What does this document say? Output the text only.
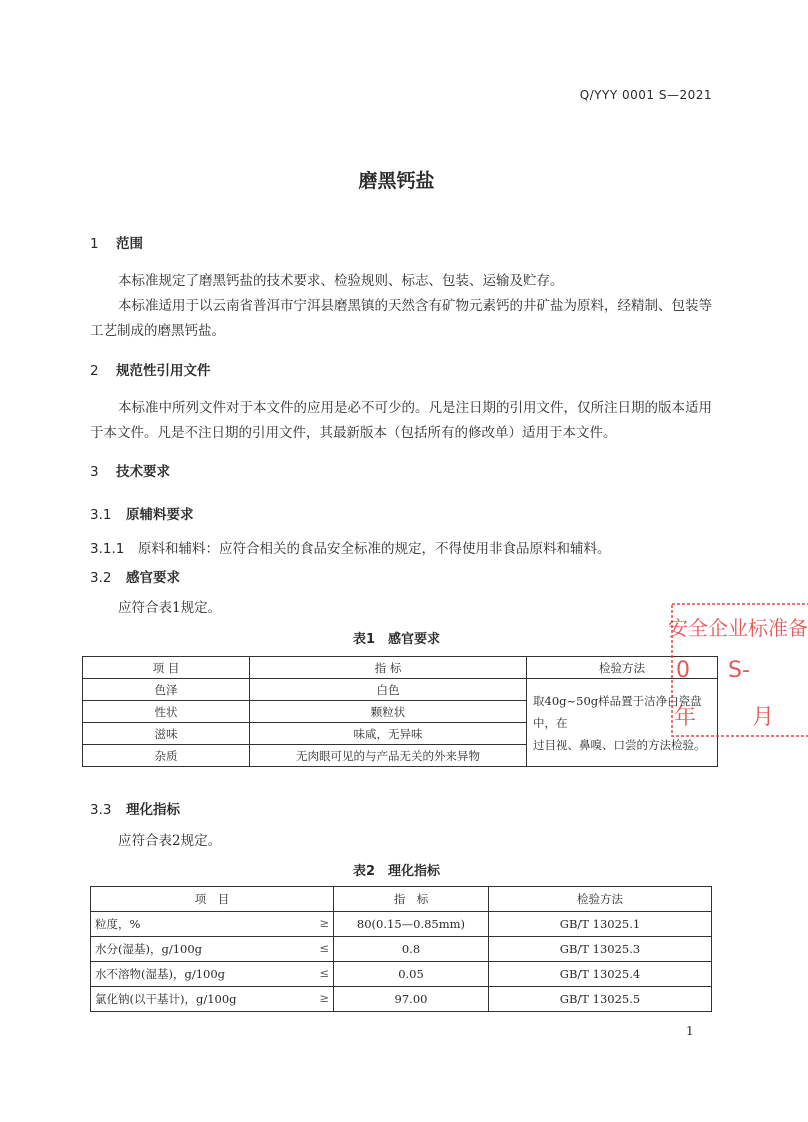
Q/YYY 0001 S—2021
磨黑钙盐
1 范围
本标准规定了磨黑钙盐的技术要求、检验规则、标志、包装、运输及贮存。
本标准适用于以云南省普洱市宁洱县磨黑镇的天然含有矿物元素钙的井矿盐为原料，经精制、包装等工艺制成的磨黑钙盐。
2 规范性引用文件
本标准中所列文件对于本文件的应用是必不可少的。凡是注日期的引用文件，仅所注日期的版本适用于本文件。凡是不注日期的引用文件，其最新版本（包括所有的修改单）适用于本文件。
3 技术要求
3.1 原辅料要求
3.1.1 原料和辅料：应符合相关的食品安全标准的规定，不得使用非食品原料和辅料。
3.2 感官要求
应符合表1规定。
表1　感官要求
项 目	指 标	检验方法
色泽	白色	取40g~50g样品置于洁净白瓷盘中，在
过目视、鼻嗅、口尝的方法检验。

性状	颗粒状	
滋味	味咸，无异味	
杂质	无肉眼可见的与产品无关的外来异物	
3.3 理化指标
应符合表2规定。
表2　理化指标
项　目	指　标	检验方法
粒度，% ≥	80(0.15—0.85mm)	GB/T 13025.1
水分(湿基)，g/100g ≤	0.8	GB/T 13025.3
水不溶物(湿基)，g/100g ≤	0.05	GB/T 13025.4
氯化钠(以干基计)，g/100g ≥	97.00	GB/T 13025.5
1
安全企业标准备
0 S-
年	月
